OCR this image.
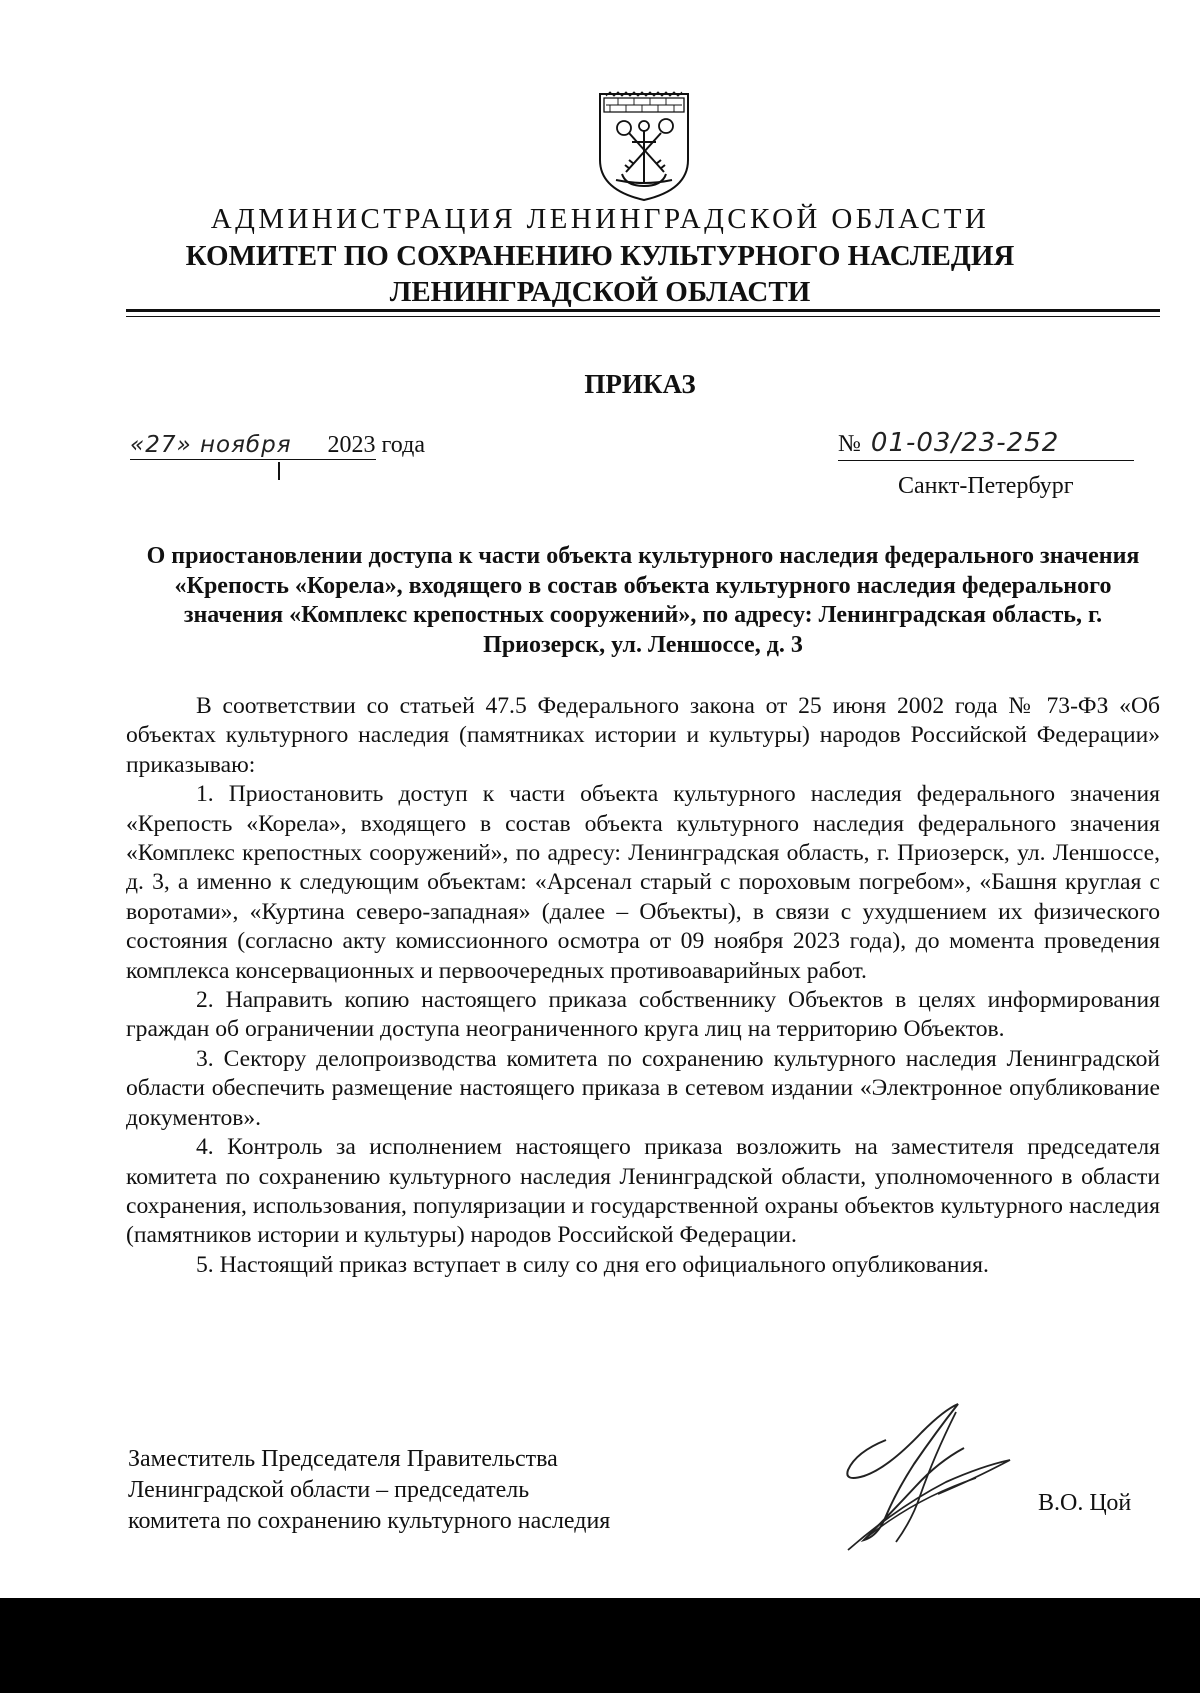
АДМИНИСТРАЦИЯ ЛЕНИНГРАДСКОЙ ОБЛАСТИ
КОМИТЕТ ПО СОХРАНЕНИЮ КУЛЬТУРНОГО НАСЛЕДИЯ
ЛЕНИНГРАДСКОЙ ОБЛАСТИ
ПРИКАЗ
«27» ноября 2023 года	№ 01-03/23-252
Санкт-Петербург
О приостановлении доступа к части объекта культурного наследия федерального значения «Крепость «Корела», входящего в состав объекта культурного наследия федерального значения «Комплекс крепостных сооружений», по адресу: Ленинградская область, г. Приозерск, ул. Леншоссе, д. 3

В соответствии со статьей 47.5 Федерального закона от 25 июня 2002 года № 73-ФЗ «Об объектах культурного наследия (памятниках истории и культуры) народов Российской Федерации» приказываю:

1. Приостановить доступ к части объекта культурного наследия федерального значения «Крепость «Корела», входящего в состав объекта культурного наследия федерального значения «Комплекс крепостных сооружений», по адресу: Ленинградская область, г. Приозерск, ул. Леншоссе, д. 3, а именно к следующим объектам: «Арсенал старый с пороховым погребом», «Башня круглая с воротами», «Куртина северо-западная» (далее – Объекты), в связи с ухудшением их физического состояния (согласно акту комиссионного осмотра от 09 ноября 2023 года), до момента проведения комплекса консервационных и первоочередных противоаварийных работ.

2. Направить копию настоящего приказа собственнику Объектов в целях информирования граждан об ограничении доступа неограниченного круга лиц на территорию Объектов.

3. Сектору делопроизводства комитета по сохранению культурного наследия Ленинградской области обеспечить размещение настоящего приказа в сетевом издании «Электронное опубликование документов».

4. Контроль за исполнением настоящего приказа возложить на заместителя председателя комитета по сохранению культурного наследия Ленинградской области, уполномоченного в области сохранения, использования, популяризации и государственной охраны объектов культурного наследия (памятников истории и культуры) народов Российской Федерации.

5. Настоящий приказ вступает в силу со дня его официального опубликования.

Заместитель Председателя Правительства
Ленинградской области – председатель
комитета по сохранению культурного наследия
В.О. Цой
